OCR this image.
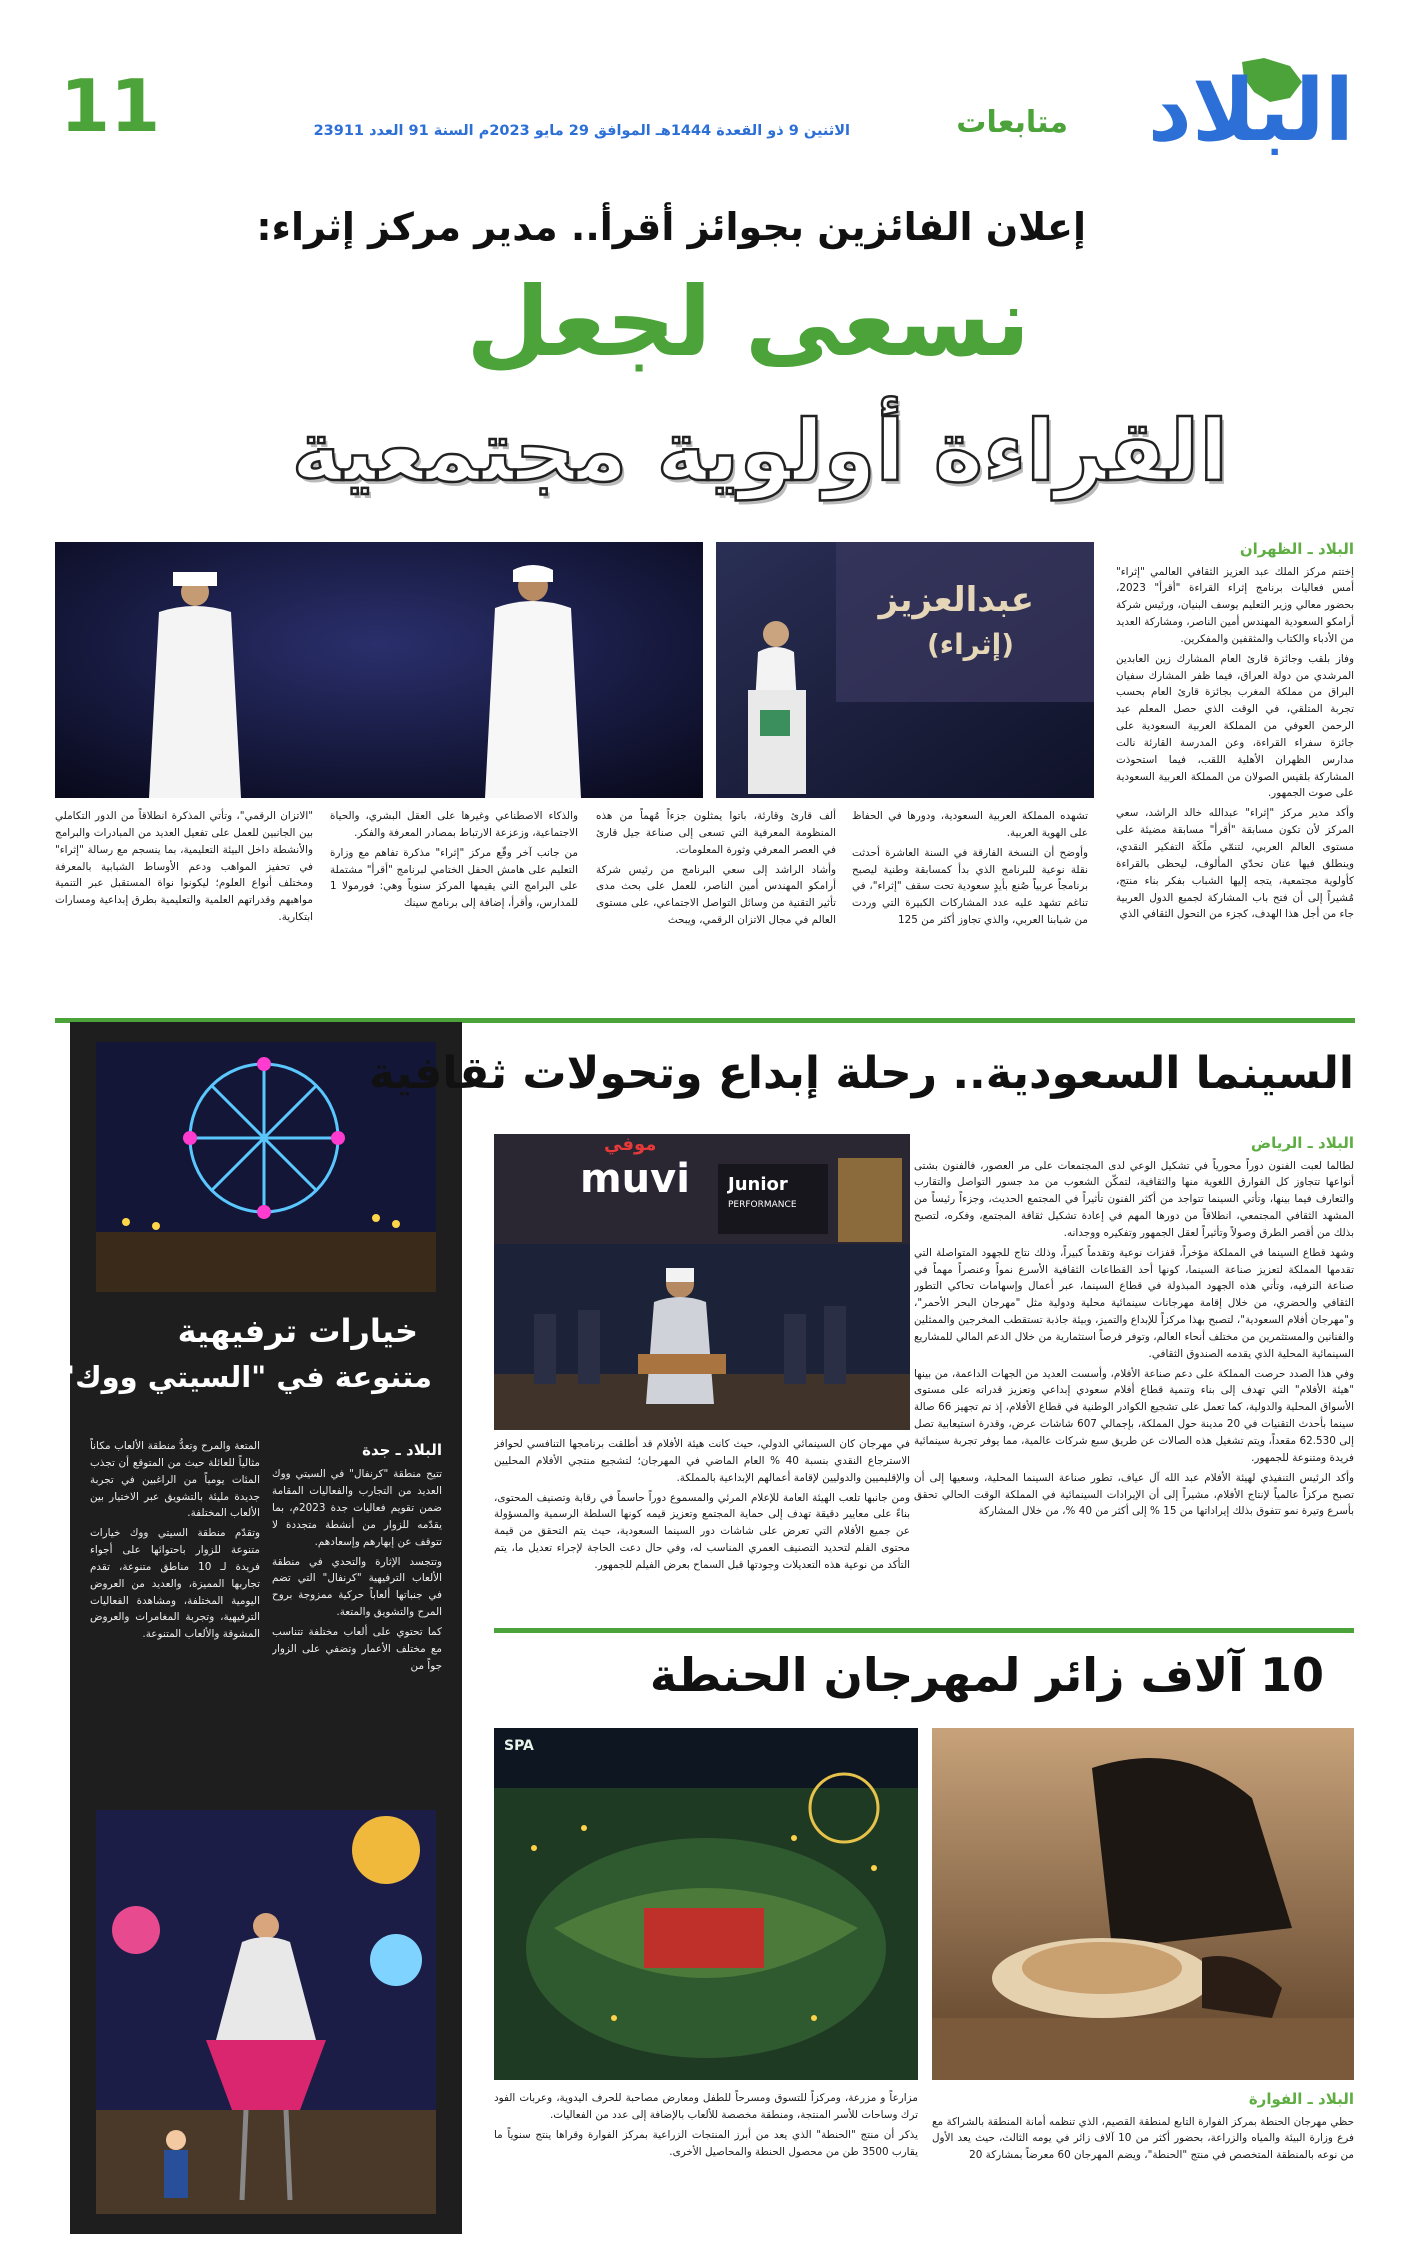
البلاد
متابعات
الاثنين 9 ذو القعدة 1444هـ الموافق 29 مايو 2023م السنة 91 العدد 23911
11
إعلان الفائزين بجوائز أقرأ.. مدير مركز إثراء:
نسعى لجعل
القراءة أولوية مجتمعية
عبدالعزيز
(إثراء)
البلاد ـ الظهران

إختتم مركز الملك عبد العزيز الثقافي العالمي "إثراء" أمس فعاليات برنامج إثراء القراءة "أقرأ" 2023، بحضور معالي وزير التعليم يوسف البنيان، ورئيس شركة أرامكو السعودية المهندس أمين الناصر، ومشاركة العديد من الأدباء والكتاب والمثقفين والمفكرين.

وفاز بلقب وجائزة قارئ العام المشارك زين العابدين المرشدي من دولة العراق، فيما ظفر المشارك سفيان البراق من مملكة المغرب بجائزة قارئ العام بحسب تجربة المتلقي، في الوقت الذي حصل المعلم عبد الرحمن العوفي من المملكة العربية السعودية على جائزة سفراء القراءة، وعن المدرسة القارئة نالت مدارس الظهران الأهلية اللقب، فيما استحوذت المشاركة بلقيس الصولان من المملكة العربية السعودية على صوت الجمهور.

وأكد مدير مركز "إثراء" عبدالله خالد الراشد، سعي المركز لأن تكون مسابقة "أقرأ" مسابقة مضيئة على مستوى العالم العربي، لتنمّي ملَكَة التفكير النقدي، وينطلق فيها عنان تحدّي المألوف، ليحظى بالقراءة كأولوية مجتمعية، يتجه إليها الشباب بفكر بناء منتج، مُشيراً إلى أن فتح باب المشاركة لجميع الدول العربية جاء من أجل هذا الهدف، كجزء من التحول الثقافي الذي

تشهده المملكة العربية السعودية، ودورها في الحفاظ على الهوية العربية.

وأوضح أن النسخة الفارقة في السنة العاشرة أحدثت نقلة نوعية للبرنامج الذي بدأ كمسابقة وطنية ليصبح برنامجاً عربياً صُنع بأيدٍ سعودية تحت سقف "إثراء"، في تناغم تشهد عليه عدد المشاركات الكبيرة التي وردت من شبابنا العربي، والذي تجاوز أكثر من 125

ألف قارئ وقارئة، باتوا يمثلون جزءاً مُهماً من هذه المنظومة المعرفية التي تسعى إلى صناعة جيل قارئ في العصر المعرفي وثورة المعلومات.

وأشاد الراشد إلى سعي البرنامج من رئيس شركة أرامكو المهندس أمين الناصر، للعمل على بحث مدى تأثير التقنية من وسائل التواصل الاجتماعي، على مستوى العالم في مجال الاتزان الرقمي، ويبحث

والذكاء الاصطناعي وغيرها على العقل البشري، والحياة الاجتماعية، وزعزعة الارتباط بمصادر المعرفة والفكر.

من جانب آخر وقّع مركز "إثراء" مذكرة تفاهم مع وزارة التعليم على هامش الحفل الختامي لبرنامج "أقرأ" مشتملة على البرامج التي يقيمها المركز سنوياً وهي: فورمولا 1 للمدارس، وأقرأ، إضافة إلى برنامج سينك

"الاتزان الرقمي"، وتأتي المذكرة انطلاقاً من الدور التكاملي بين الجانبين للعمل على تفعيل العديد من المبادرات والبرامج والأنشطة داخل البيئة التعليمية، بما ينسجم مع رسالة "إثراء" في تحفيز المواهب ودعم الأوساط الشبابية بالمعرفة ومختلف أنواع العلوم؛ ليكونوا نواة المستقبل عبر التنمية مواهبهم وقدراتهم العلمية والتعليمية بطرق إبداعية ومسارات ابتكارية.

خيارات ترفيهية
متنوعة في "السيتي ووك"
البلاد ـ جدة

تتيح منطقة "كرنفال" في السيتي ووك العديد من التجارب والفعاليات المقامة ضمن تقويم فعاليات جدة 2023م، بما يقدّمه للزوار من أنشطة متجددة لا تتوقف عن إبهارهم وإسعادهم.

وتتجسد الإثارة والتحدي في منطقة الألعاب الترفيهية "كرنفال" التي تضم في جنباتها ألعاباً حركية ممزوجة بروح المرح والتشويق والمتعة.

كما تحتوي على ألعاب مختلفة تتناسب مع مختلف الأعمار وتضفي على الزوار جواً من

المتعة والمرح وتعدُّ منطقة الألعاب مكاناً مثالياً للعائلة حيث من المتوقع أن تجذب المئات يومياً من الراغبين في تجربة جديدة مليئة بالتشويق عبر الاختيار بين الألعاب المختلفة.

وتقدّم منطقة السيتي ووك خيارات متنوعة للزوار باحتوائها على أجواء فريدة لـ 10 مناطق متنوعة، تقدم تجاربها المميزة، والعديد من العروض اليومية المختلفة، ومشاهدة الفعاليات الترفيهية، وتجربة المغامرات والعروض المشوقة والألعاب المتنوعة.

السينما السعودية.. رحلة إبداع وتحولات ثقافية
muvi
موفي
Junior
PERFORMANCE
البلاد ـ الرياض

لطالما لعبت الفنون دوراً محورياً في تشكيل الوعي لدى المجتمعات على مر العصور، فالفنون بشتى أنواعها تتجاوز كل الفوارق اللغوية منها والثقافية، لتمكّن الشعوب من مد جسور التواصل والتقارب والتعارف فيما بينها، وتأتي السينما تتواجد من أكثر الفنون تأثيراً في المجتمع الحديث، وجزءاً رئيساً من المشهد الثقافي المجتمعي، انطلاقاً من دورها المهم في إعادة تشكيل ثقافة المجتمع، وفكره، لتصبح بذلك من أقصر الطرق وصولاً وتأثيراً لعقل الجمهور وتفكيره ووجدانه.

وشهد قطاع السينما في المملكة مؤخراً، قفزات نوعية وتقدماً كبيراً، وذلك نتاج للجهود المتواصلة التي تقدمها المملكة لتعزيز صناعة السينما، كونها أحد القطاعات الثقافية الأسرع نمواً وعنصراً مهماً في صناعة الترفيه، وتأتي هذه الجهود المبذولة في قطاع السينما، عبر أعمال وإسهامات تحاكي التطور الثقافي والحضري، من خلال إقامة مهرجانات سينمائية محلية ودولية مثل "مهرجان البحر الأحمر"، و"مهرجان أفلام السعودية"، لتصبح بهذا مركزاً للإبداع والتميز، وبيئة جاذبة تستقطب المخرجين والممثلين والفنانين والمستثمرين من مختلف أنحاء العالم، وتوفر فرصاً استثمارية من خلال الدعم المالي للمشاريع السينمائية المحلية الذي يقدمه الصندوق الثقافي.

وفي هذا الصدد حرصت المملكة على دعم صناعة الأفلام، وأسست العديد من الجهات الداعمة، من بينها "هيئة الأفلام" التي تهدف إلى بناء وتنمية قطاع أفلام سعودي إبداعي وتعزيز قدراته على مستوى الأسواق المحلية والدولية، كما تعمل على تشجيع الكوادر الوطنية في قطاع الأفلام، إذ تم تجهيز 66 صالة سينما بأحدث التقنيات في 20 مدينة حول المملكة، بإجمالي 607 شاشات عرض، وقدرة استيعابية تصل إلى 62.530 مقعداً، ويتم تشغيل هذه الصالات عن طريق سبع شركات عالمية، مما يوفر تجربة سينمائية فريدة ومتنوعة للجمهور.

وأكد الرئيس التنفيذي لهيئة الأفلام عبد الله آل عياف، تطور صناعة السينما المحلية، وسعيها إلى أن تصبح مركزاً عالمياً لإنتاج الأفلام، مشيراً إلى أن الإيرادات السينمائية في المملكة الوقت الحالي تحقق بأسرع وتيرة نمو تتفوق بذلك إيراداتها من 15 % إلى أكثر من 40 %، من خلال المشاركة

في مهرجان كان السينمائي الدولي، حيث كانت هيئة الأفلام قد أطلقت برنامجها التنافسي لحوافز الاسترجاع النقدي بنسبة 40 % العام الماضي في المهرجان؛ لتشجيع منتجي الأفلام المحليين والإقليميين والدوليين لإقامة أعمالهم الإبداعية بالمملكة.

ومن جانبها تلعب الهيئة العامة للإعلام المرئي والمسموع دوراً حاسماً في رقابة وتصنيف المحتوى، بناءً على معايير دقيقة تهدف إلى حماية المجتمع وتعزيز قيمه كونها السلطة الرسمية والمسؤولة عن جميع الأفلام التي تعرض على شاشات دور السينما السعودية، حيث يتم التحقق من قيمة محتوى الفلم لتحديد التصنيف العمري المناسب له، وفي حال دعت الحاجة لإجراء تعديل ما، يتم التأكد من نوعية هذه التعديلات وجودتها قبل السماح بعرض الفيلم للجمهور.

10 آلاف زائر لمهرجان الحنطة
SPA
البلاد ـ الفوارة

حظي مهرجان الحنطة بمركز الفوارة التابع لمنطقة القصيم، الذي تنظمه أمانة المنطقة بالشراكة مع فرع وزارة البيئة والمياه والزراعة، بحضور أكثر من 10 آلاف زائر في يومه الثالث، حيث يعد الأول من نوعه بالمنطقة المتخصص في منتج "الحنطة"، ويضم المهرجان 60 معرضاً بمشاركة 20

مزارعاً و مزرعة، ومركزاً للتسوق ومسرحاً للطفل ومعارض مصاحبة للحرف اليدوية، وعربات الفود ترك وساحات للأسر المنتجة، ومنطقة مخصصة للألعاب بالإضافة إلى عدد من الفعاليات.

يذكر أن منتج "الحنطة" الذي يعد من أبرز المنتجات الزراعية بمركز الفوارة وقراها ينتج سنوياً ما يقارب 3500 طن من محصول الحنطة والمحاصيل الأخرى.
